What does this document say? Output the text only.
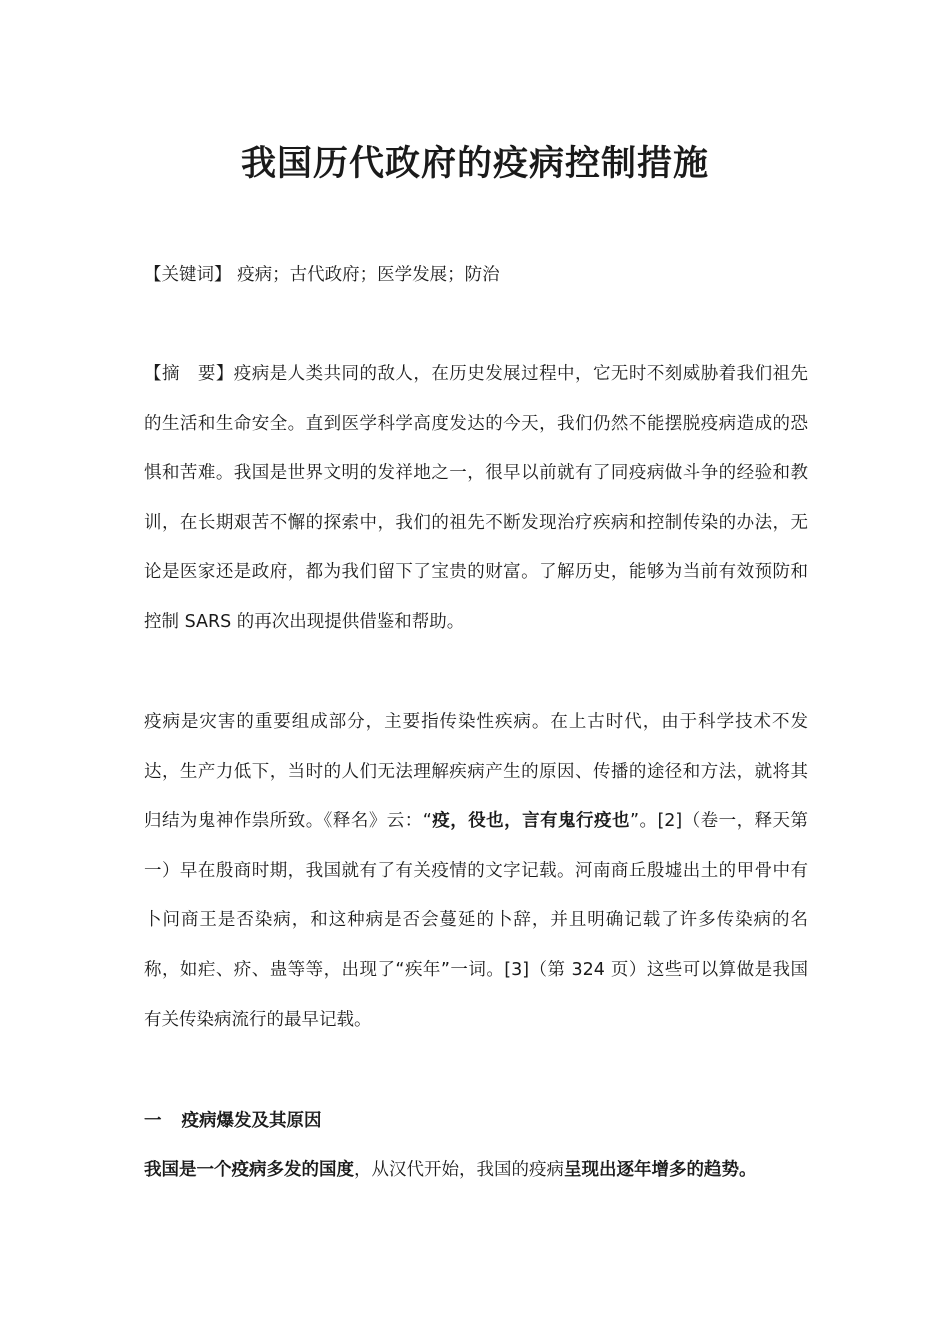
我国历代政府的疫病控制措施

【关键词】 疫病；古代政府；医学发展；防治

【摘　要】疫病是人类共同的敌人，在历史发展过程中，它无时不刻威胁着我们祖先的生活和生命安全。直到医学科学高度发达的今天，我们仍然不能摆脱疫病造成的恐惧和苦难。我国是世界文明的发祥地之一，很早以前就有了同疫病做斗争的经验和教训，在长期艰苦不懈的探索中，我们的祖先不断发现治疗疾病和控制传染的办法，无论是医家还是政府，都为我们留下了宝贵的财富。了解历史，能够为当前有效预防和控制 SARS 的再次出现提供借鉴和帮助。

疫病是灾害的重要组成部分，主要指传染性疾病。在上古时代，由于科学技术不发达，生产力低下，当时的人们无法理解疾病产生的原因、传播的途径和方法，就将其归结为鬼神作祟所致。《释名》云：“疫，役也，言有鬼行疫也”。[2]（卷一，释天第一）早在殷商时期，我国就有了有关疫情的文字记载。河南商丘殷墟出土的甲骨中有卜问商王是否染病，和这种病是否会蔓延的卜辞，并且明确记载了许多传染病的名称，如疟、疥、蛊等等，出现了“疾年”一词。[3]（第 324 页）这些可以算做是我国有关传染病流行的最早记载。

一 疫病爆发及其原因

我国是一个疫病多发的国度，从汉代开始，我国的疫病呈现出逐年增多的趋势。
